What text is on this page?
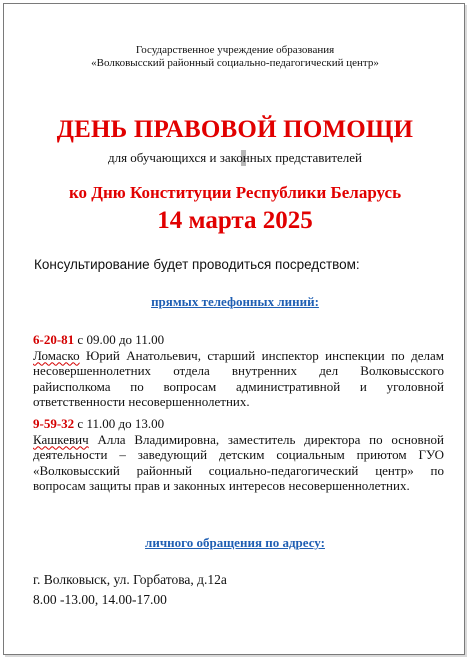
Государственное учреждение образования
«Волковысский районный социально-педагогический центр»
ДЕНЬ ПРАВОВОЙ ПОМОЩИ
для обучающихся и законных представителей
ко Дню Конституции Республики Беларусь
14 марта 2025
Консультирование будет проводиться посредством:
прямых телефонных линий:
6-20-81 с 09.00 до 11.00
Ломаско Юрий Анатольевич, старший инспектор инспекции по делам несовершеннолетних отдела внутренних дел Волковысского райисполкома по вопросам административной и уголовной ответственности несовершеннолетних.
9-59-32 с 11.00 до 13.00
Кашкевич Алла Владимировна, заместитель директора по основной деятельности – заведующий детским социальным приютом ГУО «Волковысский районный социально-педагогический центр» по вопросам защиты прав и законных интересов несовершеннолетних.
личного обращения по адресу:
г. Волковыск, ул. Горбатова, д.12а
8.00 -13.00, 14.00-17.00
